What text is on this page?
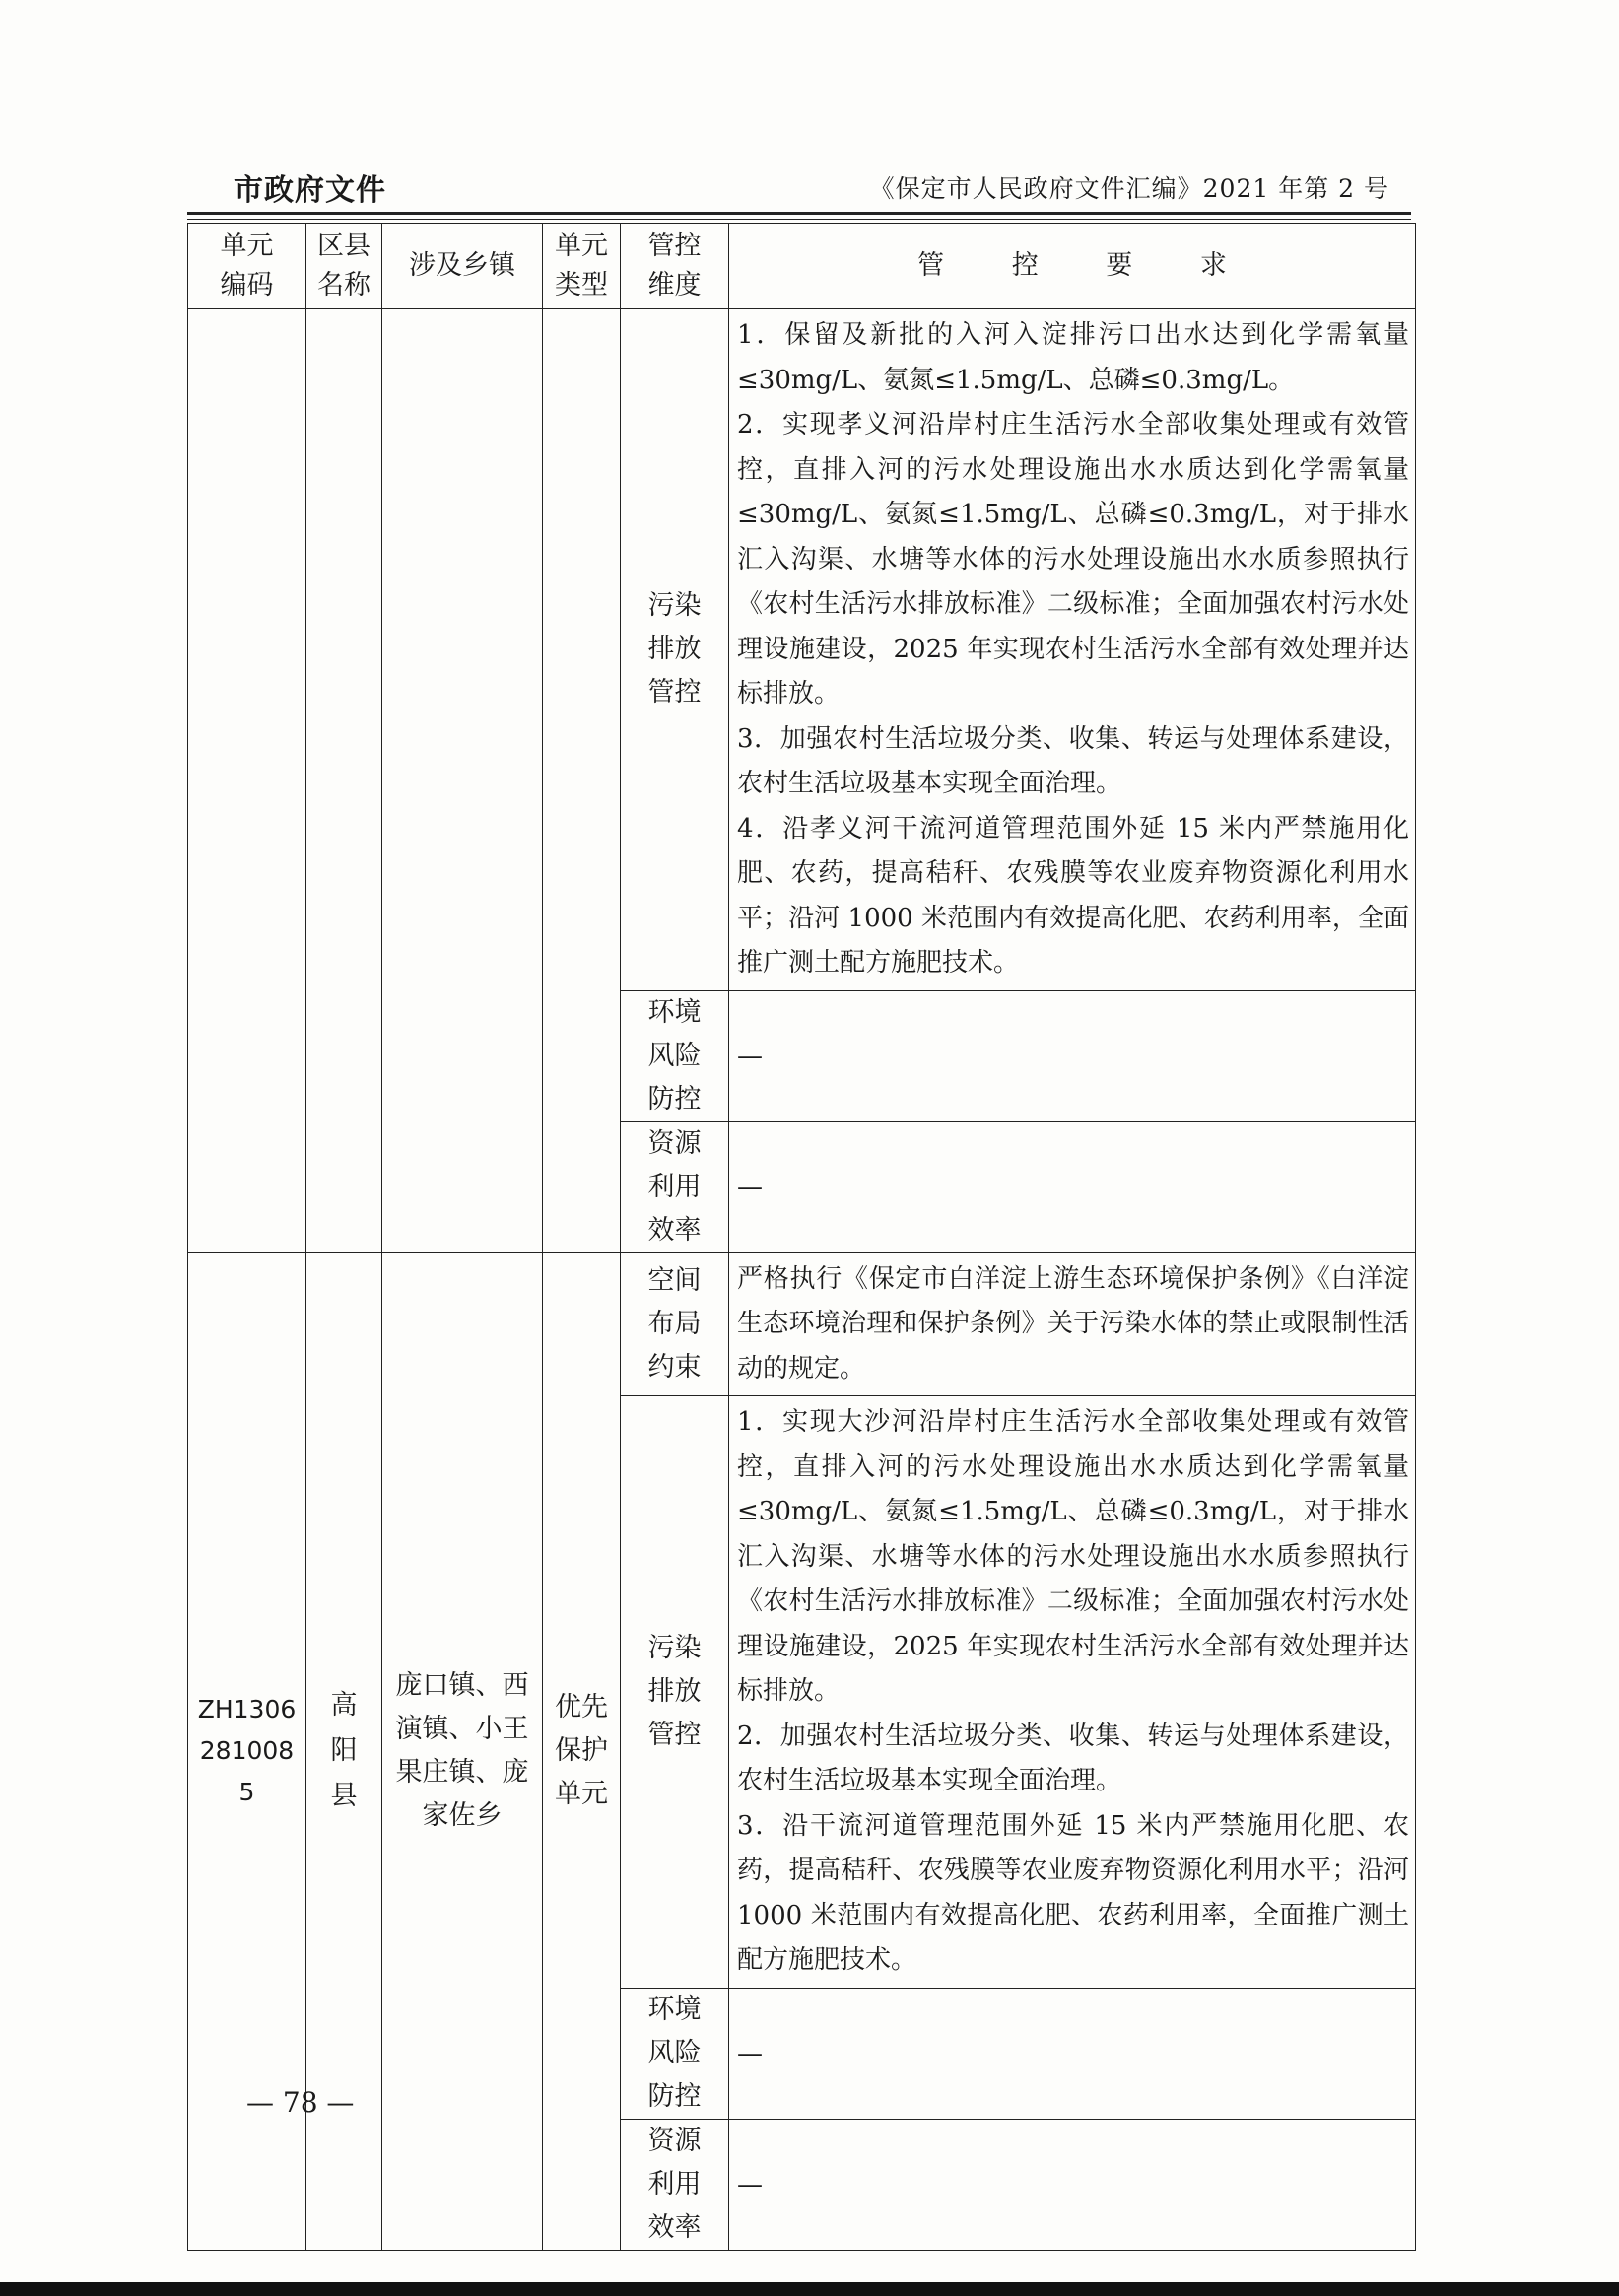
市政府文件	《保定市人民政府文件汇编》2021 年第 2 号
单元编码	区县名称	涉及乡镇	单元类型	管控维度	管 控 要 求

				污染排放管控	1．保留及新批的入河入淀排污口出水达到化学需氧量≤30mg/L、氨氮≤1.5mg/L、总磷≤0.3mg/L。

2．实现孝义河沿岸村庄生活污水全部收集处理或有效管控，直排入河的污水处理设施出水水质达到化学需氧量≤30mg/L、氨氮≤1.5mg/L、总磷≤0.3mg/L，对于排水汇入沟渠、水塘等水体的污水处理设施出水水质参照执行《农村生活污水排放标准》二级标准；全面加强农村污水处理设施建设，2025 年实现农村生活污水全部有效处理并达标排放。

3．加强农村生活垃圾分类、收集、转运与处理体系建设，农村生活垃圾基本实现全面治理。

4．沿孝义河干流河道管理范围外延 15 米内严禁施用化肥、农药，提高秸秆、农残膜等农业废弃物资源化利用水平；沿河 1000 米范围内有效提高化肥、农药利用率，全面推广测土配方施肥技术。

				环境风险防控	—

				资源利用效率	—

ZH13062810085	高阳县	庞口镇、西演镇、小王果庄镇、庞家佐乡	优先保护单元	空间布局约束	严格执行《保定市白洋淀上游生态环境保护条例》《白洋淀生态环境治理和保护条例》关于污染水体的禁止或限制性活动的规定。

				污染排放管控	1．实现大沙河沿岸村庄生活污水全部收集处理或有效管控，直排入河的污水处理设施出水水质达到化学需氧量≤30mg/L、氨氮≤1.5mg/L、总磷≤0.3mg/L，对于排水汇入沟渠、水塘等水体的污水处理设施出水水质参照执行《农村生活污水排放标准》二级标准；全面加强农村污水处理设施建设，2025 年实现农村生活污水全部有效处理并达标排放。

2．加强农村生活垃圾分类、收集、转运与处理体系建设，农村生活垃圾基本实现全面治理。

3．沿干流河道管理范围外延 15 米内严禁施用化肥、农药，提高秸秆、农残膜等农业废弃物资源化利用水平；沿河 1000 米范围内有效提高化肥、农药利用率，全面推广测土配方施肥技术。

				环境风险防控	—

				资源利用效率	—
— 78 —
